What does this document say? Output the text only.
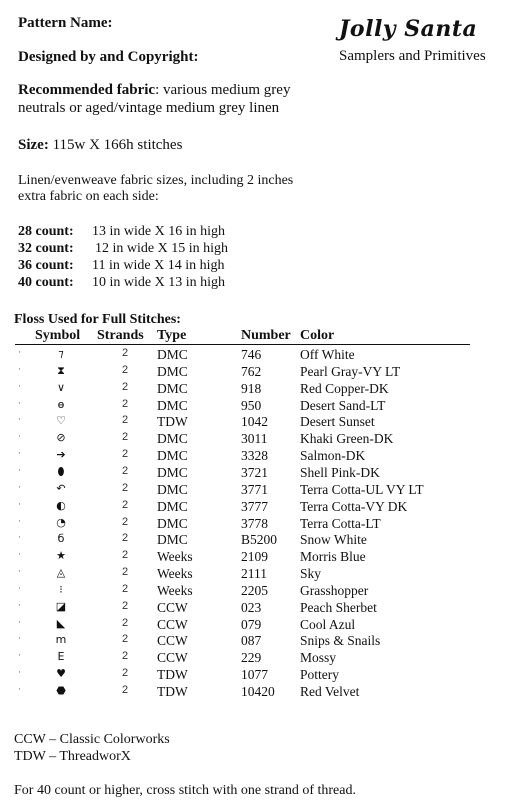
Pattern Name:
Designed by and Copyright:
Jolly Santa
Samplers and Primitives
Recommended fabric: various medium grey
neutrals or aged/vintage medium grey linen
Size: 115w X 166h stitches
Linen/evenweave fabric sizes, including 2 inches
extra fabric on each side:
28 count: 13 in wide X 16 in high
32 count: 12 in wide X 15 in high
36 count: 11 in wide X 14 in high
40 count: 10 in wide X 13 in high
Floss Used for Full Stitches:
Symbol Strands Type	Number Color
·	⁊	2 DMC	746	Off White
·	⧗	2 DMC	762	Pearl Gray-VY LT
·	∨	2 DMC	918	Red Copper-DK
·	ɵ	2 DMC	950	Desert Sand-LT
·	♡	2 TDW	1042 Desert Sunset
·	⊘	2 DMC	3011 Khaki Green-DK
·	➔	2 DMC	3328 Salmon-DK
·	⬮	2 DMC	3721 Shell Pink-DK
·	↶	2 DMC	3771 Terra Cotta-UL VY LT
·	◐	2 DMC	3777 Terra Cotta-VY DK
·	◔	2 DMC	3778 Terra Cotta-LT
·	б	2 DMC	B5200 Snow White
·	★	2 Weeks	2109 Morris Blue
·	◬	2 Weeks	2111 Sky
·	⁝	2 Weeks	2205 Grasshopper
·	◪	2 CCW	023	Peach Sherbet
·	◣	2 CCW	079	Cool Azul
·	m	2 CCW	087	Snips & Snails
·	E	2 CCW	229	Mossy
·	♥	2 TDW	1077 Pottery
·	⬣	2 TDW	10420 Red Velvet
CCW – Classic Colorworks
TDW – ThreadworX
For 40 count or higher, cross stitch with one strand of thread.
